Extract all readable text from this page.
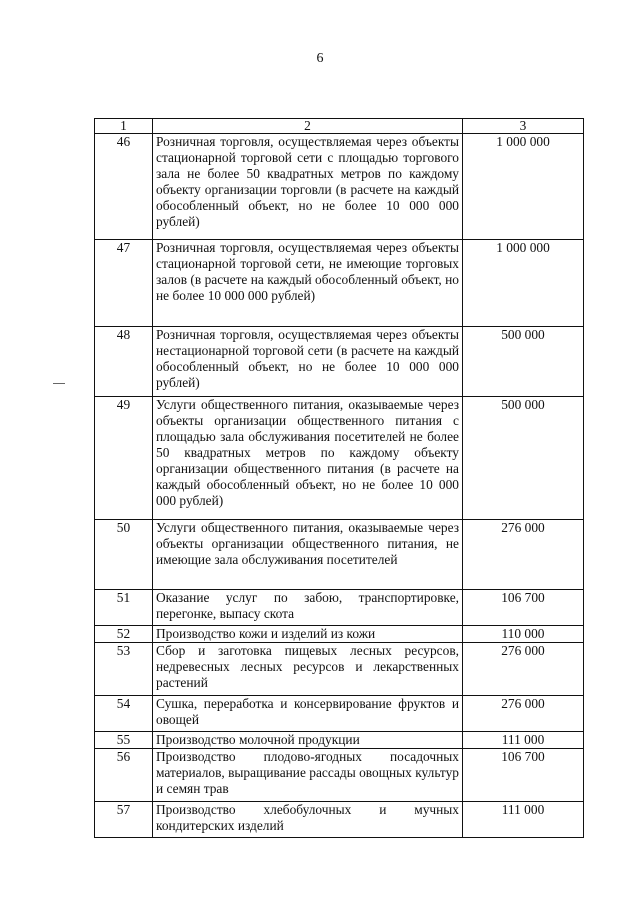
6
1	2	3
46	Розничная торговля, осуществляемая через объекты стационарной торговой сети с площадью торгового зала не более 50 квадратных метров по каждому объекту организации торговли (в расчете на каждый обособленный объект, но не более 10 000 000 рублей)	1 000 000
47	Розничная торговля, осуществляемая через объекты стационарной торговой сети, не имеющие торговых залов (в расчете на каждый обособленный объект, но не более 10 000 000 рублей)	1 000 000
48	Розничная торговля, осуществляемая через объекты нестационарной торговой сети (в расчете на каждый обособленный объект, но не более 10 000 000 рублей)	500 000
49	Услуги общественного питания, оказываемые через объекты организации общественного питания с площадью зала обслуживания посетителей не более 50 квадратных метров по каждому объекту организации общественного питания (в расчете на каждый обособленный объект, но не более 10 000 000 рублей)	500 000
50	Услуги общественного питания, оказываемые через объекты организации общественного питания, не имеющие зала обслуживания посетителей	276 000
51	Оказание услуг по забою, транспортировке, перегонке, выпасу скота	106 700
52	Производство кожи и изделий из кожи	110 000
53	Сбор и заготовка пищевых лесных ресурсов, недревесных лесных ресурсов и лекарственных растений	276 000
54	Сушка, переработка и консервирование фруктов и овощей	276 000
55	Производство молочной продукции	111 000
56	Производство плодово-ягодных посадочных материалов, выращивание рассады овощных культур и семян трав	106 700
57	Производство хлебобулочных и мучных кондитерских изделий	111 000
